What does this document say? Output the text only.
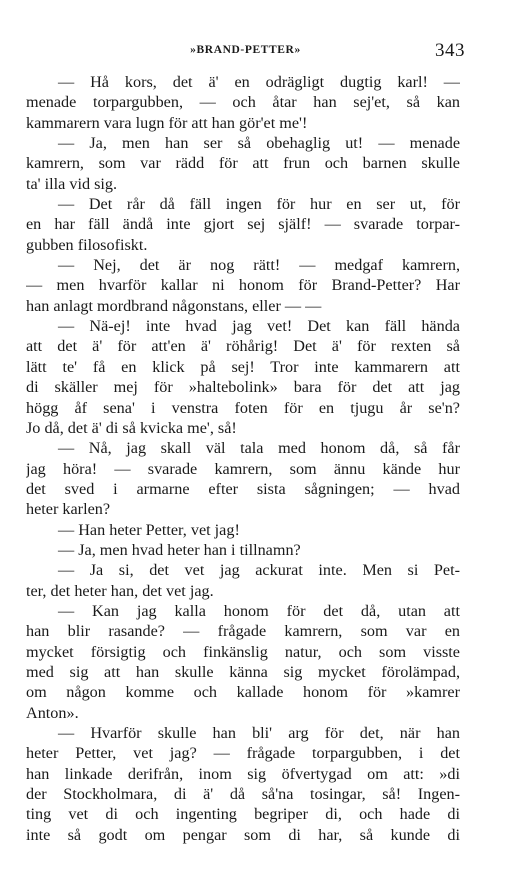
»BRAND-PETTER»	343
— Hå kors, det ä' en odrägligt dugtig karl! —
menade torpargubben, — och åtar han sej'et, så kan
kammarern vara lugn för att han gör'et me'!
— Ja, men han ser så obehaglig ut! — menade
kamrern, som var rädd för att frun och barnen skulle
ta' illa vid sig.
— Det rår då fäll ingen för hur en ser ut, för
en har fäll ändå inte gjort sej själf! — svarade torpar-
gubben filosofiskt.
— Nej, det är nog rätt! — medgaf kamrern,
— men hvarför kallar ni honom för Brand-Petter? Har
han anlagt mordbrand någonstans, eller — —
— Nä-ej! inte hvad jag vet! Det kan fäll hända
att det ä' för att'en ä' röhårig! Det ä' för rexten så
lätt te' få en klick på sej! Tror inte kammarern att
di skäller mej för »haltebolink» bara för det att jag
högg åf sena' i venstra foten för en tjugu år se'n?
Jo då, det ä' di så kvicka me', så!
— Nå, jag skall väl tala med honom då, så får
jag höra! — svarade kamrern, som ännu kände hur
det sved i armarne efter sista sågningen; — hvad
heter karlen?
— Han heter Petter, vet jag!
— Ja, men hvad heter han i tillnamn?
— Ja si, det vet jag ackurat inte. Men si Pet-
ter, det heter han, det vet jag.
— Kan jag kalla honom för det då, utan att
han blir rasande? — frågade kamrern, som var en
mycket försigtig och finkänslig natur, och som visste
med sig att han skulle känna sig mycket förolämpad,
om någon komme och kallade honom för »kamrer
Anton».
— Hvarför skulle han bli' arg för det, när han
heter Petter, vet jag? — frågade torpargubben, i det
han linkade derifrån, inom sig öfvertygad om att: »di
der Stockholmara, di ä' då så'na tosingar, så! Ingen-
ting vet di och ingenting begriper di, och hade di
inte så godt om pengar som di har, så kunde di
